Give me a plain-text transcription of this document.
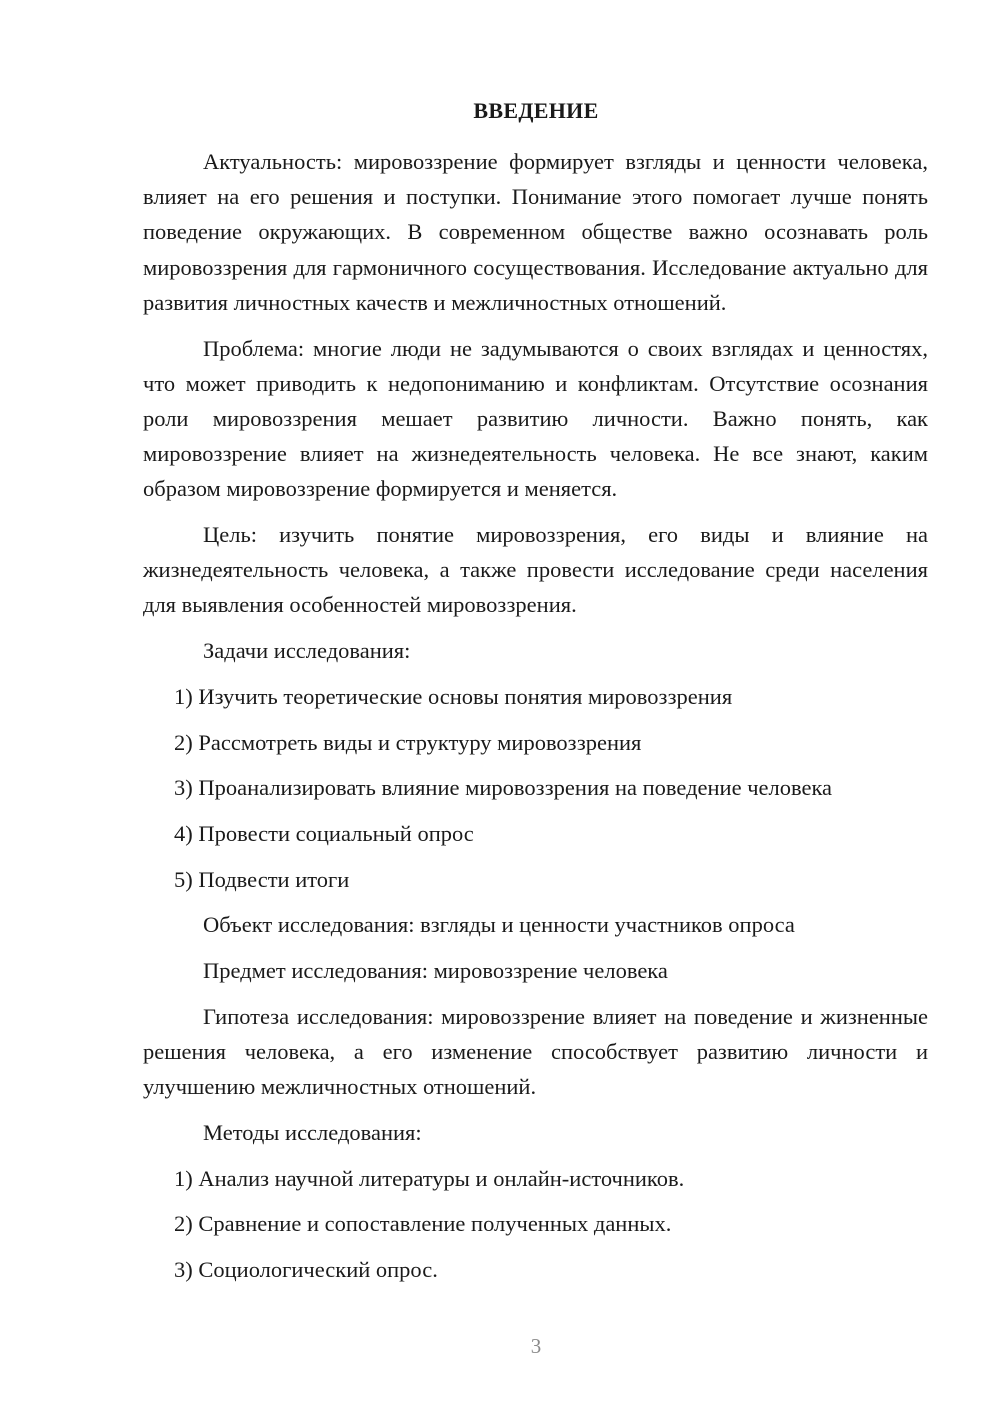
ВВЕДЕНИЕ

Актуальность: мировоззрение формирует взгляды и ценности человека, влияет на его решения и поступки. Понимание этого помогает лучше понять поведение окружающих. В современном обществе важно осознавать роль мировоззрения для гармоничного сосуществования. Исследование актуально для развития личностных качеств и межличностных отношений.

Проблема: многие люди не задумываются о своих взглядах и ценностях, что может приводить к недопониманию и конфликтам. Отсутствие осознания роли мировоззрения мешает развитию личности. Важно понять, как мировоззрение влияет на жизнедеятельность человека. Не все знают, каким образом мировоззрение формируется и меняется.

Цель: изучить понятие мировоззрения, его виды и влияние на жизнедеятельность человека, а также провести исследование среди населения для выявления особенностей мировоззрения.

Задачи исследования:

1) Изучить теоретические основы понятия мировоззрения

2) Рассмотреть виды и структуру мировоззрения

3) Проанализировать влияние мировоззрения на поведение человека

4) Провести социальный опрос

5) Подвести итоги

Объект исследования: взгляды и ценности участников опроса

Предмет исследования: мировоззрение человека

Гипотеза исследования: мировоззрение влияет на поведение и жизненные решения человека, а его изменение способствует развитию личности и улучшению межличностных отношений.

Методы исследования:

1) Анализ научной литературы и онлайн-источников.

2) Сравнение и сопоставление полученных данных.

3) Социологический опрос.

3
